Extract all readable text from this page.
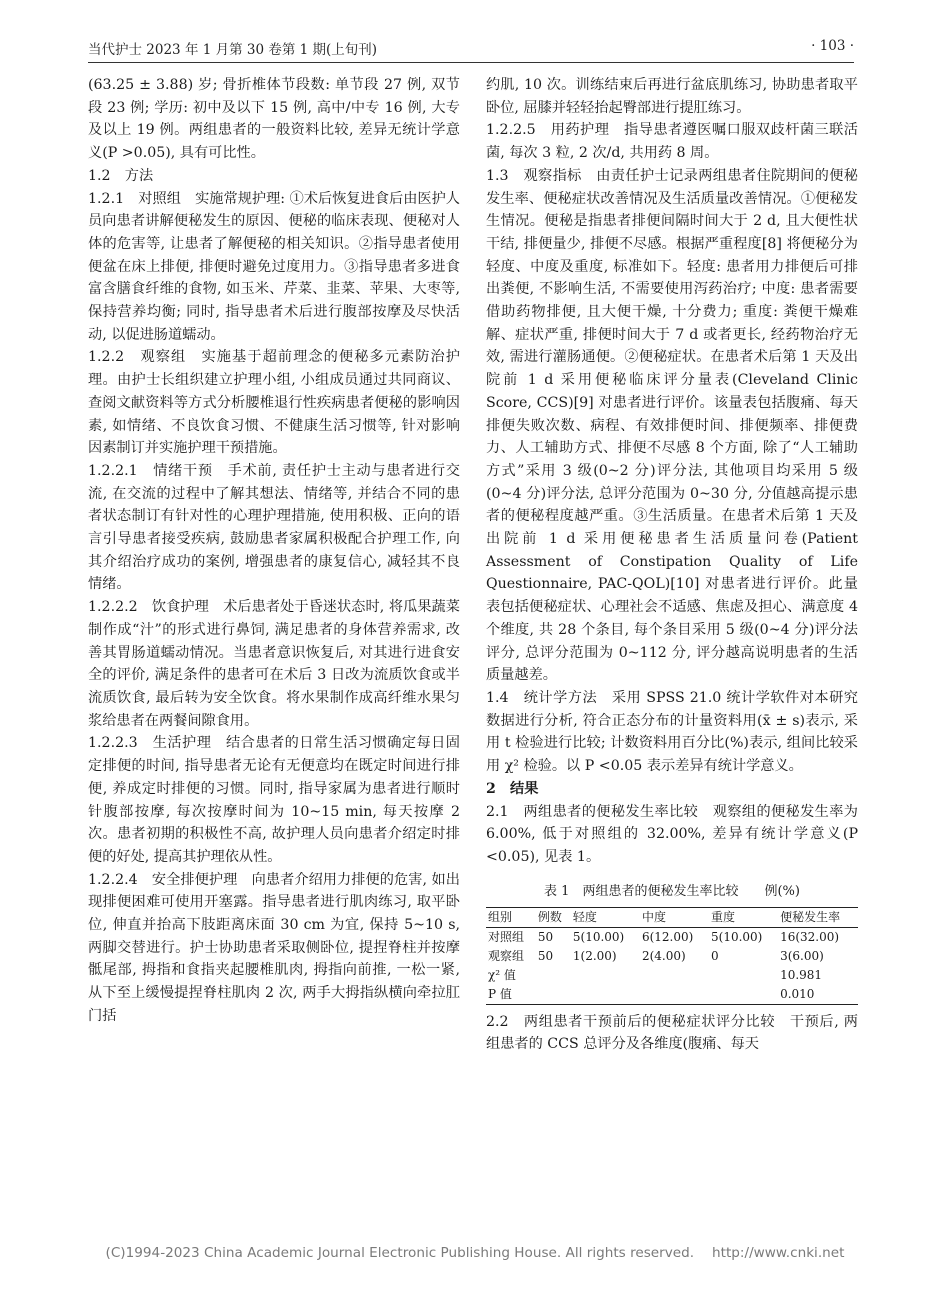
当代护士 2023 年 1 月第 30 卷第 1 期(上旬刊)	· 103 ·

(63.25 ± 3.88) 岁; 骨折椎体节段数: 单节段 27 例, 双节段 23 例; 学历: 初中及以下 15 例, 高中/中专 16 例, 大专及以上 19 例。两组患者的一般资料比较, 差异无统计学意义(P >0.05), 具有可比性。

1.2　方法

1.2.1　对照组　实施常规护理: ①术后恢复进食后由医护人员向患者讲解便秘发生的原因、便秘的临床表现、便秘对人体的危害等, 让患者了解便秘的相关知识。②指导患者使用便盆在床上排便, 排便时避免过度用力。③指导患者多进食富含膳食纤维的食物, 如玉米、芹菜、韭菜、苹果、大枣等, 保持营养均衡; 同时, 指导患者术后进行腹部按摩及尽快活动, 以促进肠道蠕动。

1.2.2　观察组　实施基于超前理念的便秘多元素防治护理。由护士长组织建立护理小组, 小组成员通过共同商议、查阅文献资料等方式分析腰椎退行性疾病患者便秘的影响因素, 如情绪、不良饮食习惯、不健康生活习惯等, 针对影响因素制订并实施护理干预措施。

1.2.2.1　情绪干预　手术前, 责任护士主动与患者进行交流, 在交流的过程中了解其想法、情绪等, 并结合不同的患者状态制订有针对性的心理护理措施, 使用积极、正向的语言引导患者接受疾病, 鼓励患者家属积极配合护理工作, 向其介绍治疗成功的案例, 增强患者的康复信心, 减轻其不良情绪。

1.2.2.2　饮食护理　术后患者处于昏迷状态时, 将瓜果蔬菜制作成“汁”的形式进行鼻饲, 满足患者的身体营养需求, 改善其胃肠道蠕动情况。当患者意识恢复后, 对其进行进食安全的评价, 满足条件的患者可在术后 3 日改为流质饮食或半流质饮食, 最后转为安全饮食。将水果制作成高纤维水果匀浆给患者在两餐间隙食用。

1.2.2.3　生活护理　结合患者的日常生活习惯确定每日固定排便的时间, 指导患者无论有无便意均在既定时间进行排便, 养成定时排便的习惯。同时, 指导家属为患者进行顺时针腹部按摩, 每次按摩时间为 10~15 min, 每天按摩 2 次。患者初期的积极性不高, 故护理人员向患者介绍定时排便的好处, 提高其护理依从性。

1.2.2.4　安全排便护理　向患者介绍用力排便的危害, 如出现排便困难可使用开塞露。指导患者进行肌肉练习, 取平卧位, 伸直并抬高下肢距离床面 30 cm 为宜, 保持 5~10 s, 两脚交替进行。护士协助患者采取侧卧位, 提捏脊柱并按摩骶尾部, 拇指和食指夹起腰椎肌肉, 拇指向前推, 一松一紧, 从下至上缓慢提捏脊柱肌肉 2 次, 两手大拇指纵横向牵拉肛门括

约肌, 10 次。训练结束后再进行盆底肌练习, 协助患者取平卧位, 屈膝并轻轻抬起臀部进行提肛练习。

1.2.2.5　用药护理　指导患者遵医嘱口服双歧杆菌三联活菌, 每次 3 粒, 2 次/d, 共用药 8 周。

1.3　观察指标　由责任护士记录两组患者住院期间的便秘发生率、便秘症状改善情况及生活质量改善情况。①便秘发生情况。便秘是指患者排便间隔时间大于 2 d, 且大便性状干结, 排便量少, 排便不尽感。根据严重程度[8] 将便秘分为轻度、中度及重度, 标准如下。轻度: 患者用力排便后可排出粪便, 不影响生活, 不需要使用泻药治疗; 中度: 患者需要借助药物排便, 且大便干燥, 十分费力; 重度: 粪便干燥难解、症状严重, 排便时间大于 7 d 或者更长, 经药物治疗无效, 需进行灌肠通便。②便秘症状。在患者术后第 1 天及出院前 1 d 采用便秘临床评分量表(Cleveland Clinic Score, CCS)[9] 对患者进行评价。该量表包括腹痛、每天排便失败次数、病程、有效排便时间、排便频率、排便费力、人工辅助方式、排便不尽感 8 个方面, 除了“人工辅助方式”采用 3 级(0~2 分)评分法, 其他项目均采用 5 级(0~4 分)评分法, 总评分范围为 0~30 分, 分值越高提示患者的便秘程度越严重。③生活质量。在患者术后第 1 天及出院前 1 d 采用便秘患者生活质量问卷(Patient Assessment of Constipation Quality of Life Questionnaire, PAC-QOL)[10] 对患者进行评价。此量表包括便秘症状、心理社会不适感、焦虑及担心、满意度 4 个维度, 共 28 个条目, 每个条目采用 5 级(0~4 分)评分法评分, 总评分范围为 0~112 分, 评分越高说明患者的生活质量越差。

1.4　统计学方法　采用 SPSS 21.0 统计学软件对本研究数据进行分析, 符合正态分布的计量资料用(x̄ ± s)表示, 采用 t 检验进行比较; 计数资料用百分比(%)表示, 组间比较采用 χ² 检验。以 P <0.05 表示差异有统计学意义。

2　结果

2.1　两组患者的便秘发生率比较　观察组的便秘发生率为 6.00%, 低于对照组的 32.00%, 差异有统计学意义(P <0.05), 见表 1。

表 1　两组患者的便秘发生率比较　　例(%)
组别	例数	轻度	中度	重度	便秘发生率
对照组	50	5(10.00)	6(12.00)	5(10.00)	16(32.00)
观察组	50	1(2.00)	2(4.00)	0	3(6.00)
χ² 值					10.981
P 值					0.010

2.2　两组患者干预前后的便秘症状评分比较　干预后, 两组患者的 CCS 总评分及各维度(腹痛、每天

(C)1994-2023 China Academic Journal Electronic Publishing House. All rights reserved.　 http://www.cnki.net
